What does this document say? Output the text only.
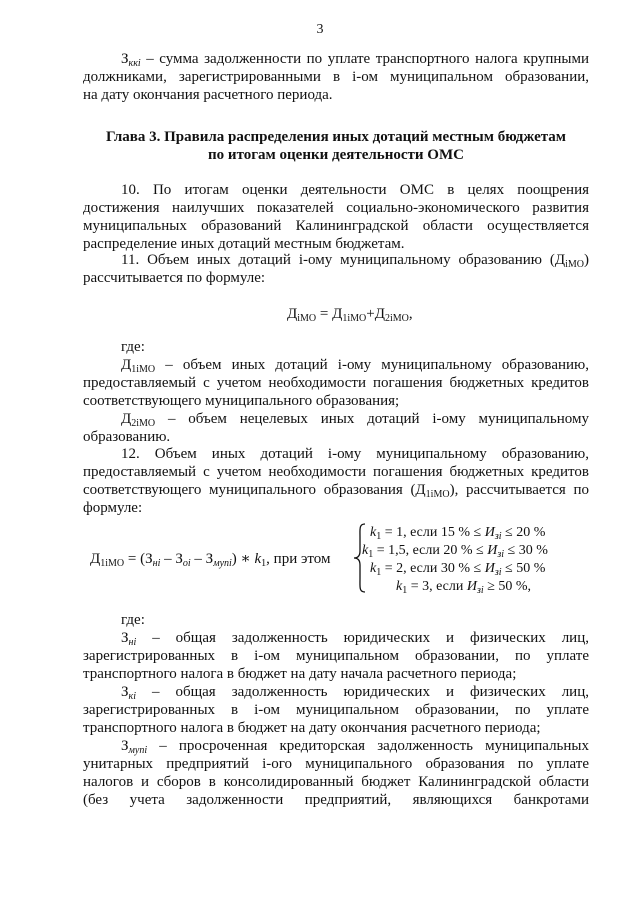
3
$З_{ккi}$ – сумма задолженности по уплате транспортного налога крупными
должниками, зарегистрированными в i-ом муниципальном образовании,
на дату окончания расчетного периода.
Глава 3. Правила распределения иных дотаций местным бюджетам
по итогам оценки деятельности ОМС
10. По итогам оценки деятельности ОМС в целях поощрения
достижения наилучших показателей социально-экономического развития
муниципальных образований Калининградской области осуществляется
распределение иных дотаций местным бюджетам.
11. Объем иных дотаций i-ому муниципальному образованию $(Д_{iМО})$
рассчитывается по формуле:
$Д_{iМО} = Д_{1iМО}+Д_{2iМО}$,
где:
$Д_{1iМО}$ – объем иных дотаций i-ому муниципальному образованию,
предоставляемый с учетом необходимости погашения бюджетных кредитов
соответствующего муниципального образования;
$Д_{2iМО}$ – объем нецелевых иных дотаций i-ому муниципальному
образованию.
12. Объем иных дотаций i-ому муниципальному образованию,
предоставляемый с учетом необходимости погашения бюджетных кредитов
соответствующего муниципального образования $(Д_{1iМО})$, рассчитывается по
формуле:
$Д_{1iМО} = (З_{нi} - З_{оi} - З_{мупi})$ ∗ $k_1$, при этом
$k_1 = 1$, если 15 % ≤ $И_{зi} \le 20$ %
$k_1 = 1,5$, если 20 % ≤ $И_{зi} \le 30$ %
$k_1 = 2$, если 30 % ≤ $И_{зi} \le 50$ %
$k_1 = 3$, если $И_{зi} \ge 50$ %,
где:
$З_{нi}$ – общая задолженность юридических и физических лиц,
зарегистрированных в i-ом муниципальном образовании, по уплате
транспортного налога в бюджет на дату начала расчетного периода;
$З_{кi}$ – общая задолженность юридических и физических лиц,
зарегистрированных в i-ом муниципальном образовании, по уплате
транспортного налога в бюджет на дату окончания расчетного периода;
$З_{мупi}$ – просроченная кредиторская задолженность муниципальных
унитарных предприятий i-ого муниципального образования по уплате
налогов и сборов в консолидированный бюджет Калининградской области
(без учета задолженности предприятий, являющихся банкротами
